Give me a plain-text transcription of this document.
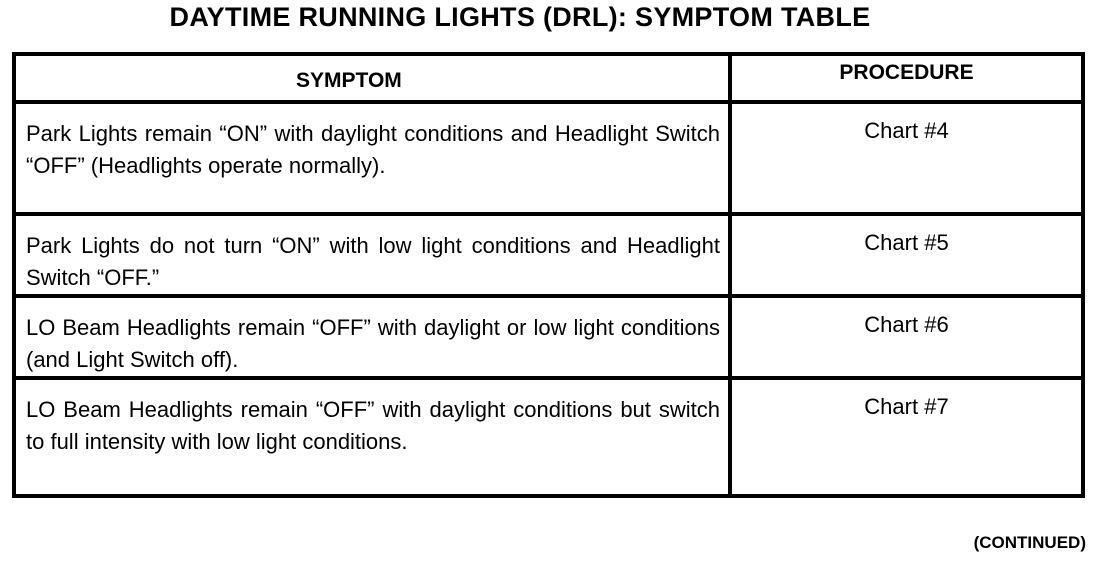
DAYTIME RUNNING LIGHTS (DRL): SYMPTOM TABLE
SYMPTOM	PROCEDURE
Park Lights remain “ON” with daylight conditions and Headlight Switch “OFF” (Headlights operate normally).
Chart #4
Park Lights do not turn “ON” with low light conditions and Headlight Switch “OFF.”
Chart #5
LO Beam Headlights remain “OFF” with daylight or low light conditions (and Light Switch off).
Chart #6
LO Beam Headlights remain “OFF” with daylight conditions but switch to full intensity with low light conditions.
Chart #7
(CONTINUED)
